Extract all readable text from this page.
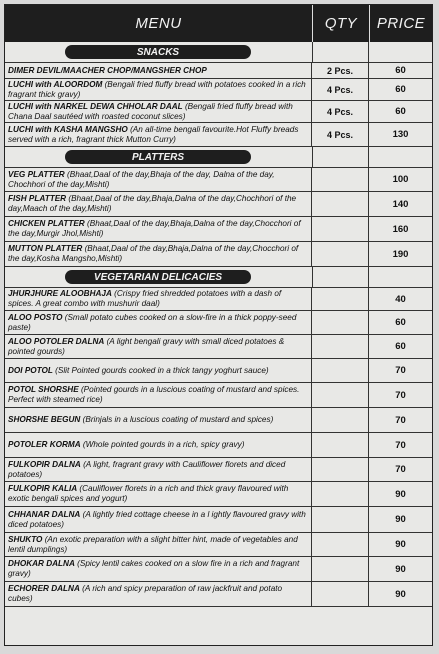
MENU	QTY	PRICE
SNACKS
DIMER DEVIL/MAACHER CHOP/MANGSHER CHOP	2 Pcs.	60
LUCHI with ALOORDOM (Bengali fried fluffy bread with potatoes cooked in a rich fragrant thick gravy)	4 Pcs.	60
LUCHI with NARKEL DEWA CHHOLAR DAAL (Bengali fried fluffy bread with Chana Daal sautéed with roasted coconut slices)	4 Pcs.	60
LUCHI with KASHA MANGSHO (An all-time bengali favourite.Hot Fluffy breads served with a rich, fragrant thick Mutton Curry)	4 Pcs.	130
PLATTERS
VEG PLATTER (Bhaat,Daal of the day,Bhaja of the day, Dalna of the day, Chochhori of the day,Mishti)	100
FISH PLATTER (Bhaat,Daal of the day,Bhaja,Dalna of the day,Chochhori of the day,Maach of the day,Mishti)	140
CHICKEN PLATTER (Bhaat,Daal of the day,Bhaja,Dalna of the day,Chocchori of the day,Murgir Jhol,Mishti)	160
MUTTON PLATTER (Bhaat,Daal of the day,Bhaja,Dalna of the day,Chocchori of the day,Kosha Mangsho,Mishti)	190
VEGETARIAN DELICACIES
JHURJHURE ALOOBHAJA (Crispy fried shredded potatoes with a dash of spices. A great combo with mushurir daal)	40
ALOO POSTO (Small potato cubes cooked on a slow-fire in a thick poppy-seed paste)	60
ALOO POTOLER DALNA (A light bengali gravy with small diced potatoes & pointed gourds)	60
DOI POTOL (Slit Pointed gourds cooked in a thick tangy yoghurt sauce)	70
POTOL SHORSHE (Pointed gourds in a luscious coating of mustard and spices. Perfect with steamed rice)	70
SHORSHE BEGUN (Brinjals in a luscious coating of mustard and spices)	70
POTOLER KORMA (Whole pointed gourds in a rich, spicy gravy)	70
FULKOPIR DALNA (A light, fragrant gravy with Cauliflower florets and diced potatoes)	70
FULKOPIR KALIA (Cauliflower florets in a rich and thick gravy flavoured with exotic bengali spices and yogurt)	90
CHHANAR DALNA (A lightly fried cottage cheese in a l ightly flavoured gravy with diced potatoes)	90
SHUKTO (An exotic preparation with a slight bitter hint, made of vegetables and lentil dumplings)	90
DHOKAR DALNA (Spicy lentil cakes cooked on a slow fire in a rich and fragrant gravy)	90
ECHORER DALNA (A rich and spicy preparation of raw jackfruit and potato cubes)	90
